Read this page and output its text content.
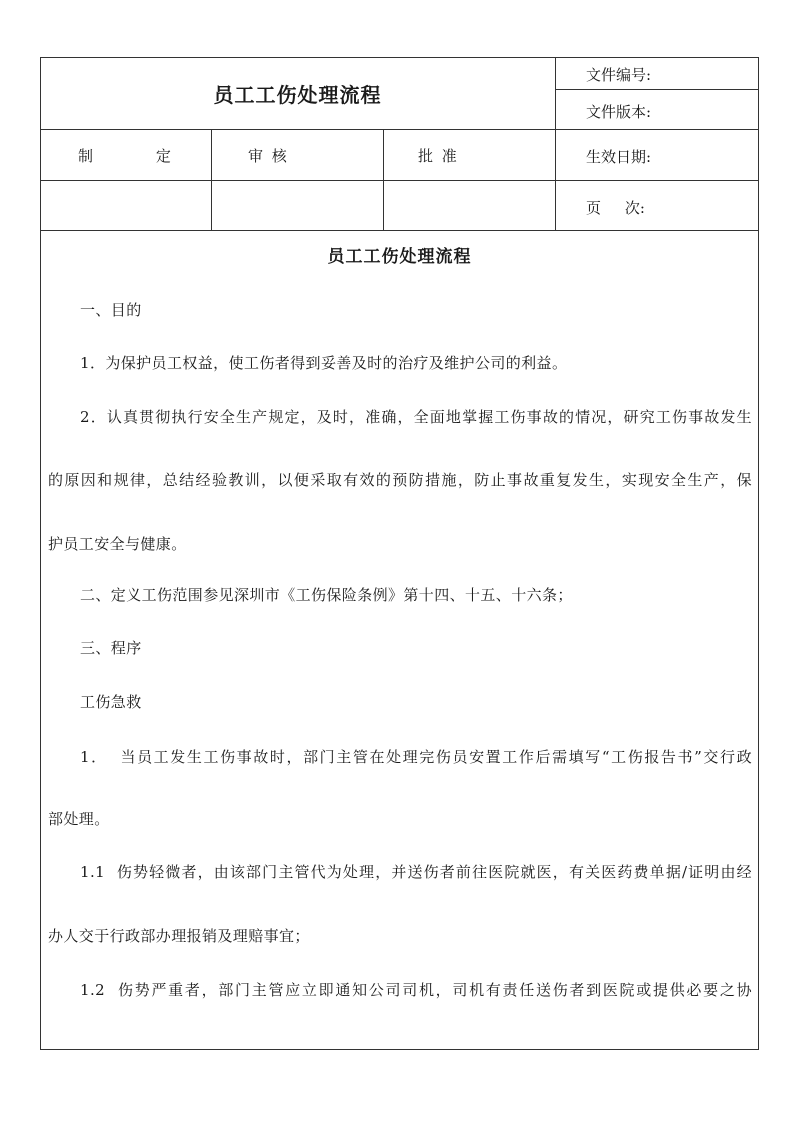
员工工伤处理流程
文件编号:
文件版本:
生效日期:
页     次:
制         定	审 核	批 准
员工工伤处理流程
一、目的
1．为保护员工权益，使工伤者得到妥善及时的治疗及维护公司的利益。
2．认真贯彻执行安全生产规定，及时，准确，全面地掌握工伤事故的情况，研究工伤事故发生
的原因和规律，总结经验教训，以便采取有效的预防措施，防止事故重复发生，实现安全生产，保
护员工安全与健康。
二、定义工伤范围参见深圳市《工伤保险条例》第十四、十五、十六条；
三、程序
工伤急救
1．  当员工发生工伤事故时，部门主管在处理完伤员安置工作后需填写“工伤报告书”交行政
部处理。
1.1  伤势轻微者，由该部门主管代为处理，并送伤者前往医院就医，有关医药费单据/证明由经
办人交于行政部办理报销及理赔事宜；
1.2  伤势严重者，部门主管应立即通知公司司机，司机有责任送伤者到医院或提供必要之协
